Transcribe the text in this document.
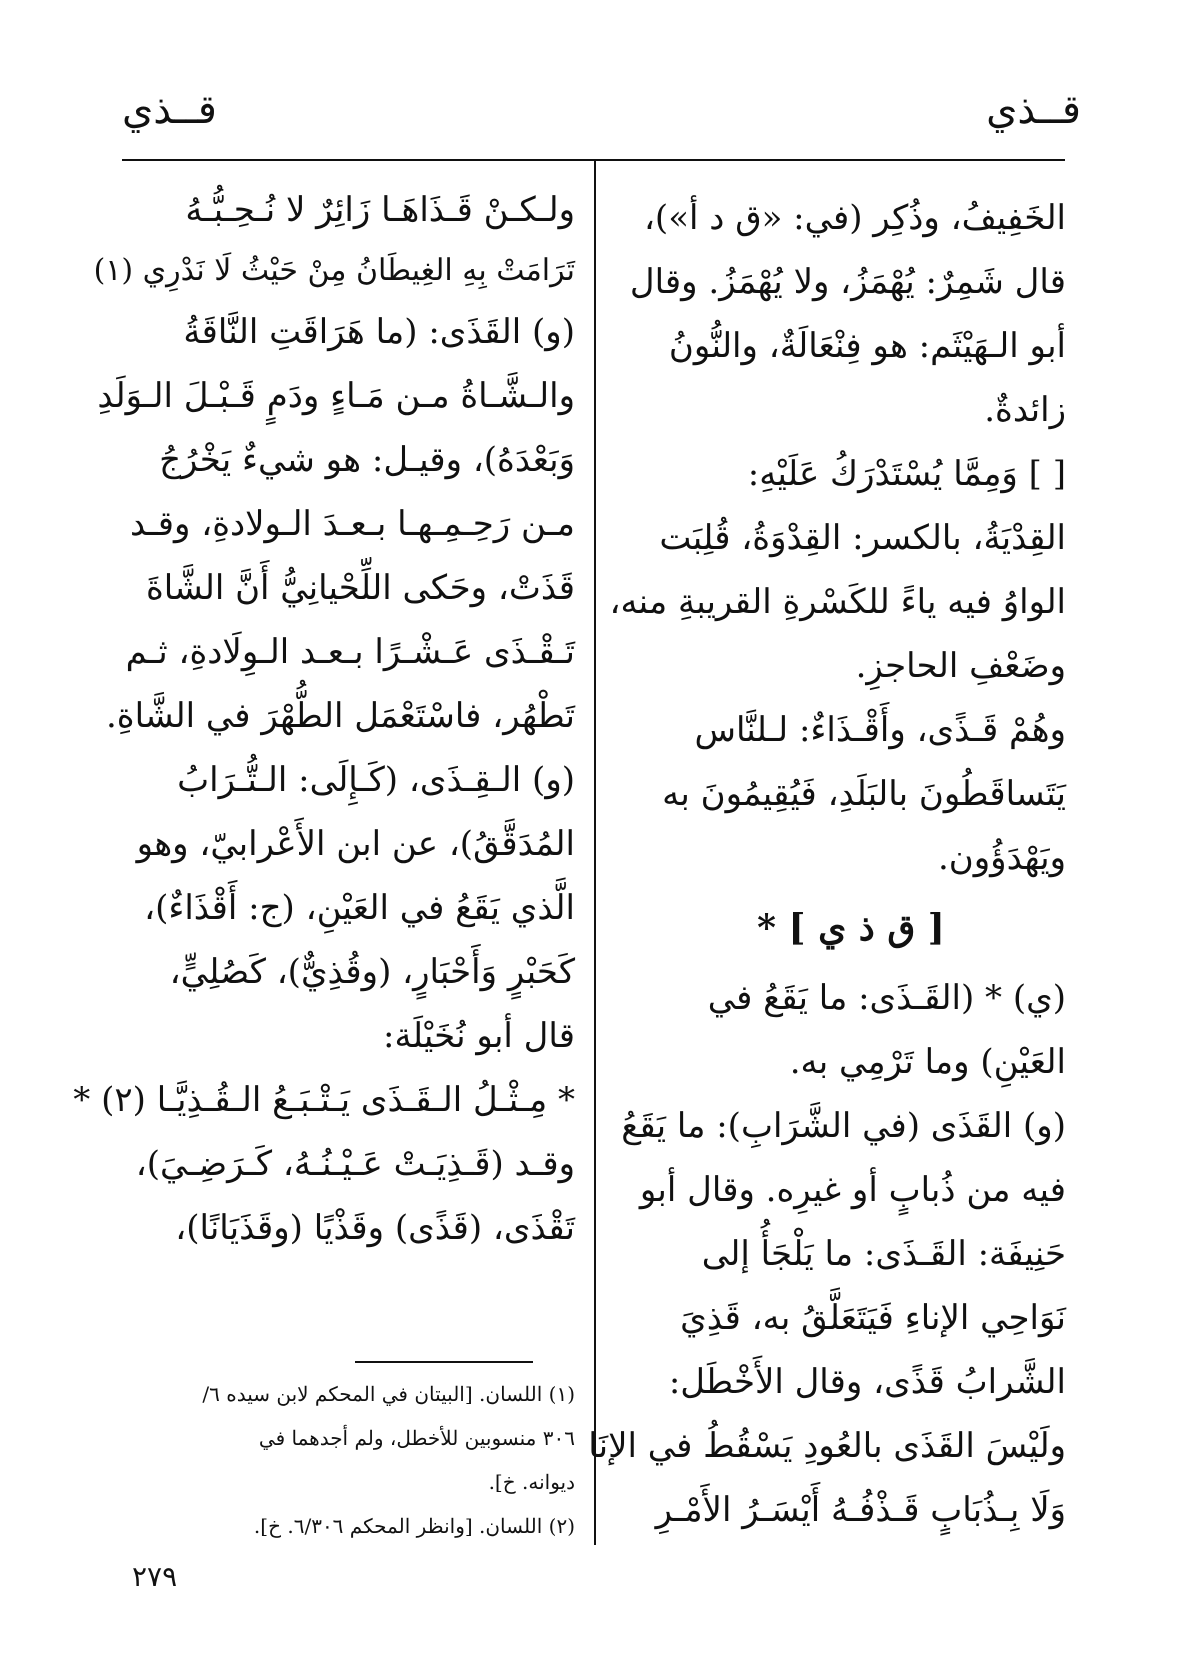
قــذي
قــذي
الخَفِيفُ، وذُكِر (في: «ق د أ»)،
قال شَمِرٌ: يُهْمَزُ، ولا يُهْمَزُ. وقال
أبو الـهَيْثَم: هو فِنْعَالَةٌ، والنُّونُ
زائدةٌ.
[ ] وَمِمَّا يُسْتَدْرَكُ عَلَيْهِ:
القِدْيَةُ، بالكسر: القِدْوَةُ، قُلِبَت
الواوُ فيه ياءً للكَسْرةِ القريبةِ منه،
وضَعْفِ الحاجزِ.
وهُمْ قَـذًى، وأَقْـذَاءٌ: لـلنَّاس
يَتَساقَطُونَ بالبَلَدِ، فَيُقِيمُونَ به
ويَهْدَؤُون.
[ ق ذ ي ] *
(ي) * (القَـذَى: ما يَقَعُ في
العَيْنِ) وما تَرْمِي به.
(و) القَذَى (في الشَّرَابِ): ما يَقَعُ
فيه من ذُبابٍ أو غيرِه. وقال أبو
حَنِيفَة: القَـذَى: ما يَلْجَأُ إلى
نَوَاحِي الإناءِ فَيَتَعَلَّقُ به، قَذِيَ
الشَّرابُ قَذًى، وقال الأَخْطَل:
ولَيْسَ القَذَى بالعُودِ يَسْقُطُ في الإنَا
وَلَا بِـذُبَابٍ قَـذْفُـهُ أَيْسَـرُ الأَمْـرِ
ولـكـنْ قَـذَاهَـا زَائِرٌ لا نُـحِـبُّـهُ
تَرَامَتْ بِهِ الغِيطَانُ مِنْ حَيْثُ لَا نَدْرِي (١)
(و) القَذَى: (ما هَرَاقَتِ النَّاقَةُ
والـشَّـاةُ مـن مَـاءٍ ودَمٍ قَـبْـلَ الـوَلَدِ
وَبَعْدَهُ)، وقيـل: هو شيءٌ يَخْرُجُ
مـن رَحِـمِـهـا بـعـدَ الـولادةِ، وقـد
قَذَتْ، وحَكى اللِّحْيانِيُّ أَنَّ الشَّاةَ
تَـقْـذَى عَـشْـرًا بـعـد الـوِلَادةِ، ثـم
تَطْهُر، فاسْتَعْمَل الطُّهْرَ في الشَّاةِ.
(و) الـقِـذَى، (كَـإِلَى: الـتُّـرَابُ
المُدَقَّقُ)، عن ابن الأَعْرابيّ، وهو
الَّذي يَقَعُ في العَيْنِ، (ج: أَقْذَاءٌ)،
كَحَبْرٍ وَأَحْبَارٍ، (وقُذِيٌّ)، كَصُلِيٍّ،
قال أبو نُخَيْلَة:
* مِـثْـلُ الـقَـذَى يَـتْـبَـعُ الـقُـذِيَّـا (٢) *
وقـد (قَـذِيَـتْ عَـيْـنُـهُ، كَـرَضِـيَ)،
تَقْذَى، (قَذًى) وقَذْيًا (وقَذَيَانًا)،
(١) اللسان. [البيتان في المحكم لابن سيده ٦/
٣٠٦ منسوبين للأخطل، ولم أجدهما في
ديوانه. خ].
(٢) اللسان. [وانظر المحكم ٦/٣٠٦. خ].
٢٧٩
